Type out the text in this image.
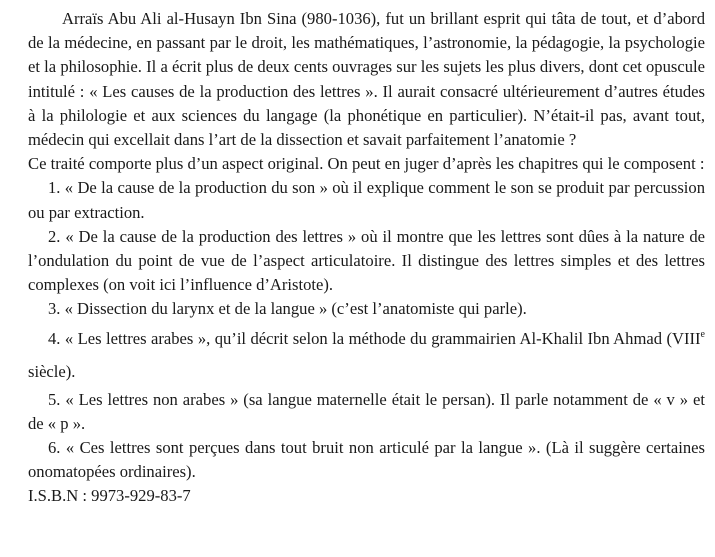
Arraïs Abu Ali al-Husayn Ibn Sina (980-1036), fut un brillant esprit qui tâta de tout, et d’abord de la médecine, en passant par le droit, les mathématiques, l’astronomie, la pédagogie, la psychologie et la philosophie. Il a écrit plus de deux cents ouvrages sur les sujets les plus divers, dont cet opuscule intitulé : « Les causes de la production des lettres ». Il aurait consacré ultérieurement d’autres études à la philologie et aux sciences du langage (la phonétique en particulier). N’était-il pas, avant tout, médecin qui excellait dans l’art de la dissection et savait parfaitement l’anatomie ?

Ce traité comporte plus d’un aspect original. On peut en juger d’après les chapitres qui le composent :

1. « De la cause de la production du son » où il explique comment le son se produit par percussion ou par extraction.

2. « De la cause de la production des lettres » où il montre que les lettres sont dûes à la nature de l’ondulation du point de vue de l’aspect articulatoire. Il distingue des lettres simples et des lettres complexes (on voit ici l’influence d’Aristote).

3. « Dissection du larynx et de la langue » (c’est l’anatomiste qui parle).

4. « Les lettres arabes », qu’il décrit selon la méthode du grammairien Al-Khalil Ibn Ahmad (VIIIe siècle).

5. « Les lettres non arabes » (sa langue maternelle était le persan). Il parle notamment de « v » et de « p ».

6. « Ces lettres sont perçues dans tout bruit non articulé par la langue ». (Là il suggère certaines onomatopées ordinaires).

I.S.B.N : 9973-929-83-7
